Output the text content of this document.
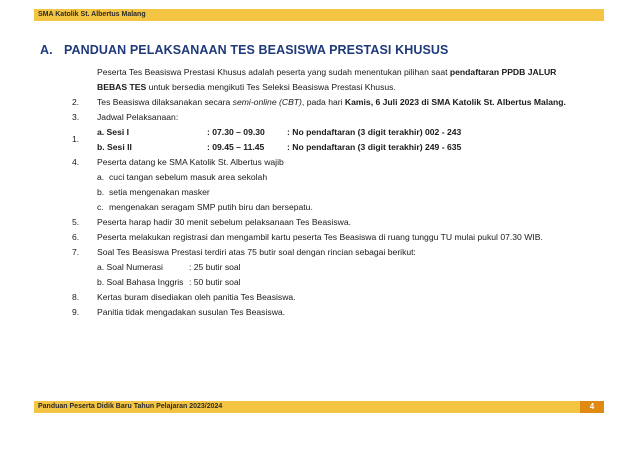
SMA Katolik St. Albertus Malang
A. PANDUAN PELAKSANAAN TES BEASISWA PRESTASI KHUSUS
1.
Peserta Tes Beasiswa Prestasi Khusus adalah peserta yang sudah menentukan pilihan saat pendaftaran PPDB JALUR
BEBAS TES untuk bersedia mengikuti Tes Seleksi Beasiswa Prestasi Khusus.
2. Tes Beasiswa dilaksanakan secara semi-online (CBT), pada hari Kamis, 6 Juli 2023 di SMA Katolik St. Albertus Malang.
3. Jadwal Pelaksanaan:
a. Sesi I	: 07.30 – 09.30	: No pendaftaran (3 digit terakhir) 002 - 243
b. Sesi II	: 09.45 – 11.45	: No pendaftaran (3 digit terakhir) 249 - 635
4. Peserta datang ke SMA Katolik St. Albertus wajib
a. cuci tangan sebelum masuk area sekolah
b. setia mengenakan masker
c. mengenakan seragam SMP putih biru dan bersepatu.
5. Peserta harap hadir 30 menit sebelum pelaksanaan Tes Beasiswa.
6. Peserta melakukan registrasi dan mengambil kartu peserta Tes Beasiswa di ruang tunggu TU mulai pukul 07.30 WIB.
7. Soal Tes Beasiswa Prestasi terdiri atas 75 butir soal dengan rincian sebagai berikut:
a. Soal Numerasi	: 25 butir soal
b. Soal Bahasa Inggris : 50 butir soal
8. Kertas buram disediakan oleh panitia Tes Beasiswa.
9. Panitia tidak mengadakan susulan Tes Beasiswa.
Panduan Peserta Didik Baru Tahun Pelajaran 2023/2024	4
